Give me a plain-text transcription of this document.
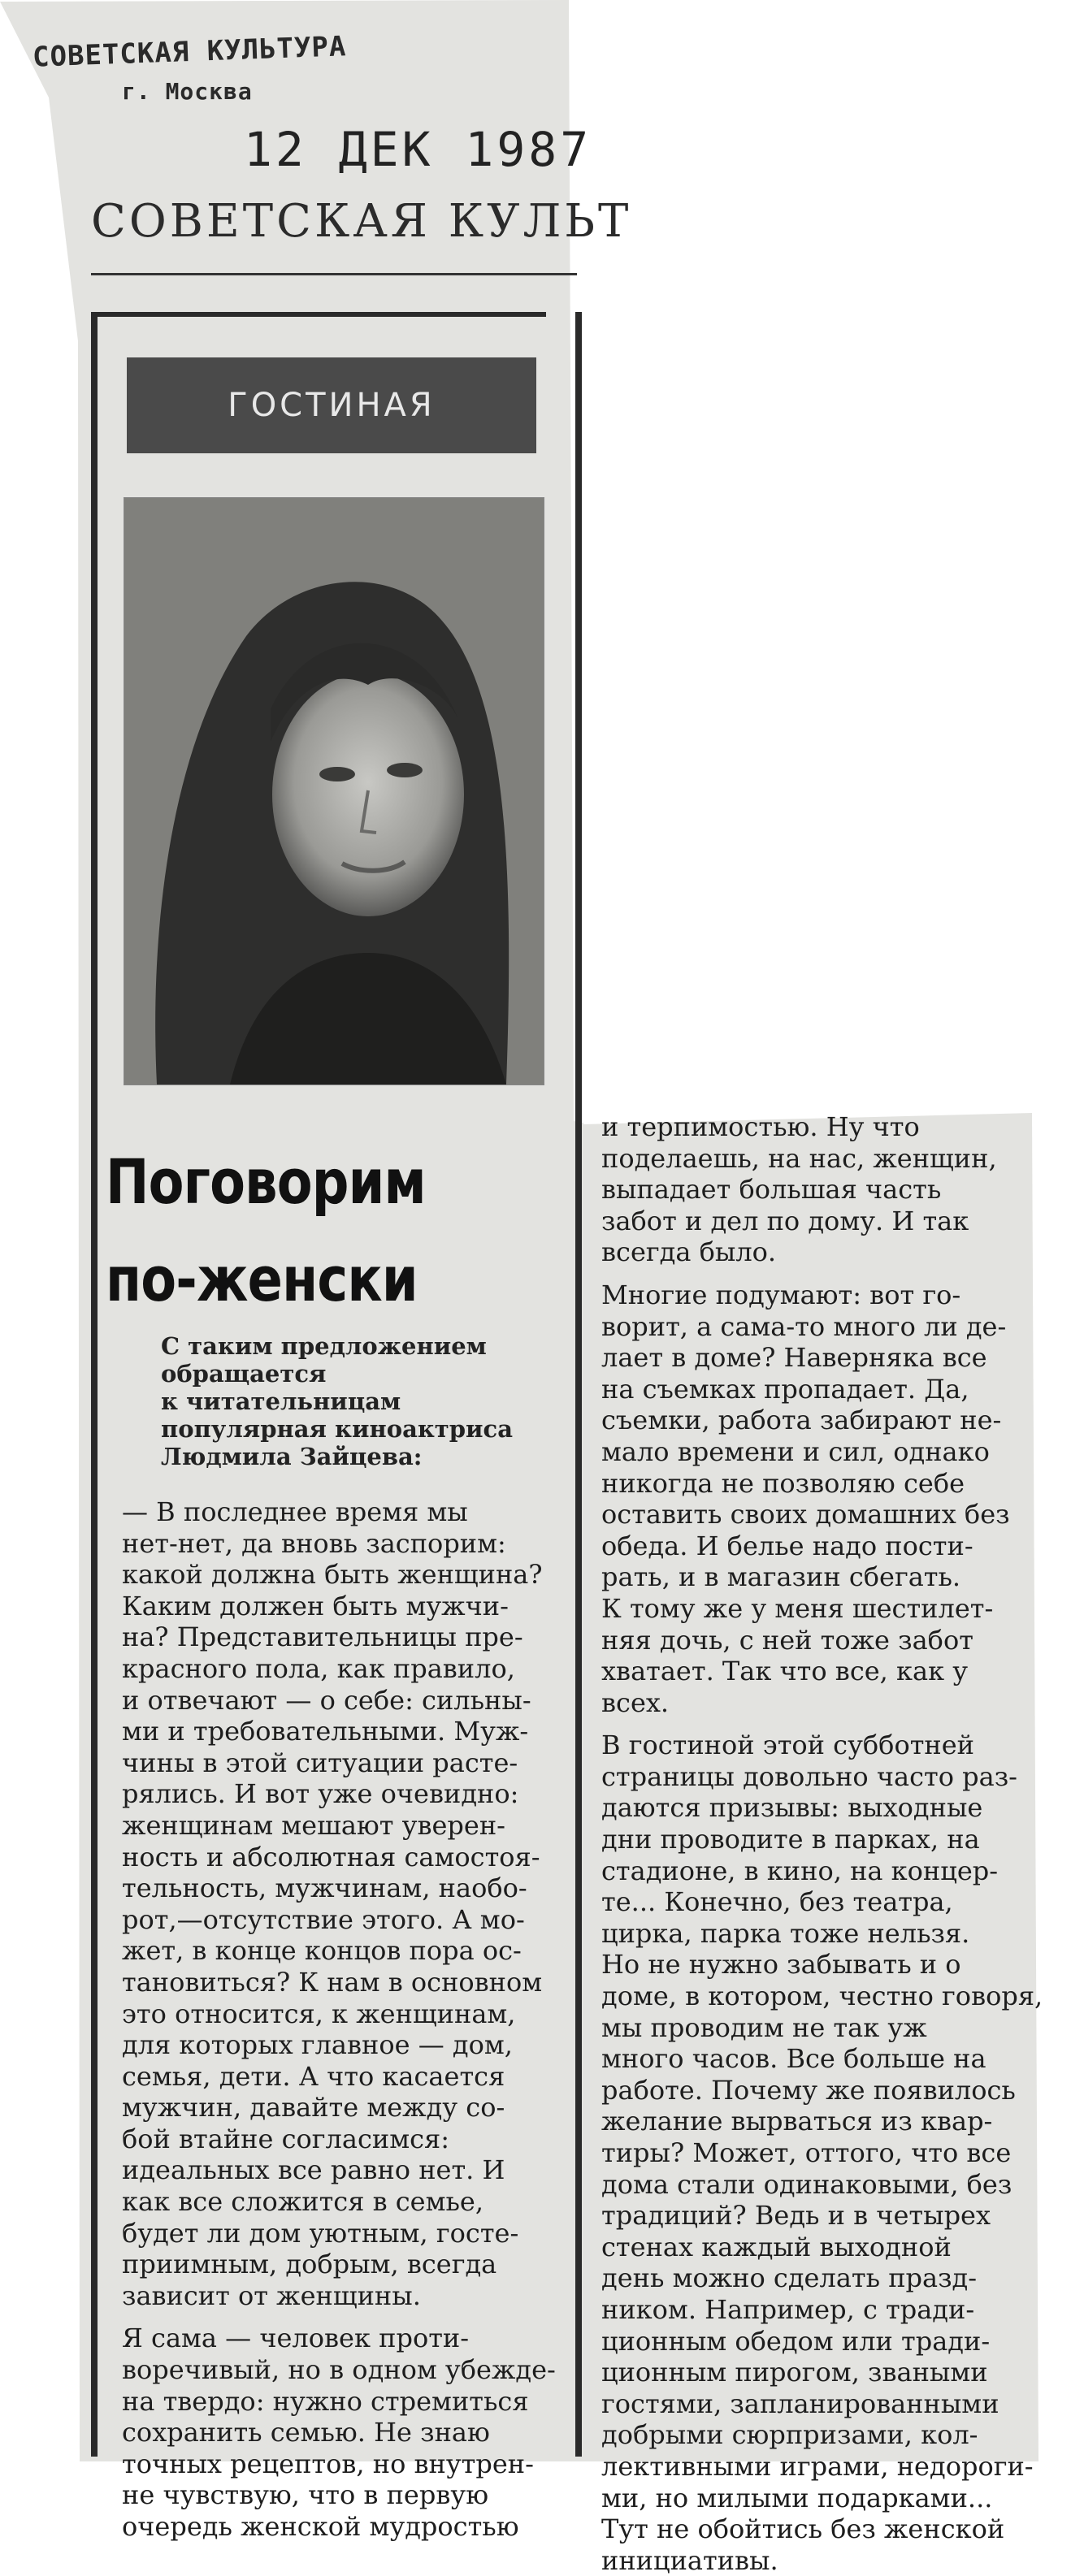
СОВЕТСКАЯ КУЛЬТУРА
г. Москва
12 ДЕК 1987
СОВЕТСКАЯ КУЛЬТ
ГОСТИНАЯ
Поговорим
по-женски
С таким предложением
обращается
к читательницам
популярная киноактриса
Людмила Зайцева:
— В последнее время мы
нет-нет, да вновь заспорим:
какой должна быть женщина?
Каким должен быть мужчи-
на? Представительницы пре-
красного пола, как правило,
и отвечают — о себе: сильны-
ми и требовательными. Муж-
чины в этой ситуации расте-
рялись. И вот уже очевидно:
женщинам мешают уверен-
ность и абсолютная самостоя-
тельность, мужчинам, наобо-
рот,—отсутствие этого. А мо-
жет, в конце концов пора ос-
тановиться? К нам в основном
это относится, к женщинам,
для которых главное — дом,
семья, дети. А что касается
мужчин, давайте между со-
бой втайне согласимся:
идеальных все равно нет. И
как все сложится в семье,
будет ли дом уютным, госте-
приимным, добрым, всегда
зависит от женщины.
Я сама — человек проти-
воречивый, но в одном убежде-
на твердо: нужно стремиться
сохранить семью. Не знаю
точных рецептов, но внутрен-
не чувствую, что в первую
очередь женской мудростью
и терпимостью. Ну что
поделаешь, на нас, женщин,
выпадает большая часть
забот и дел по дому. И так
всегда было.
Многие подумают: вот го-
ворит, а сама-то много ли де-
лает в доме? Наверняка все
на съемках пропадает. Да,
съемки, работа забирают не-
мало времени и сил, однако
никогда не позволяю себе
оставить своих домашних без
обеда. И белье надо пости-
рать, и в магазин сбегать.
К тому же у меня шестилет-
няя дочь, с ней тоже забот
хватает. Так что все, как у
всех.
В гостиной этой субботней
страницы довольно часто раз-
даются призывы: выходные
дни проводите в парках, на
стадионе, в кино, на концер-
те... Конечно, без театра,
цирка, парка тоже нельзя.
Но не нужно забывать и о
доме, в котором, честно говоря,
мы проводим не так уж
много часов. Все больше на
работе. Почему же появилось
желание вырваться из квар-
тиры? Может, оттого, что все
дома стали одинаковыми, без
традиций? Ведь и в четырех
стенах каждый выходной
день можно сделать празд-
ником. Например, с тради-
ционным обедом или тради-
ционным пирогом, зваными
гостями, запланированными
добрыми сюрпризами, кол-
лективными играми, недороги-
ми, но милыми подарками...
Тут не обойтись без женской
инициативы.
